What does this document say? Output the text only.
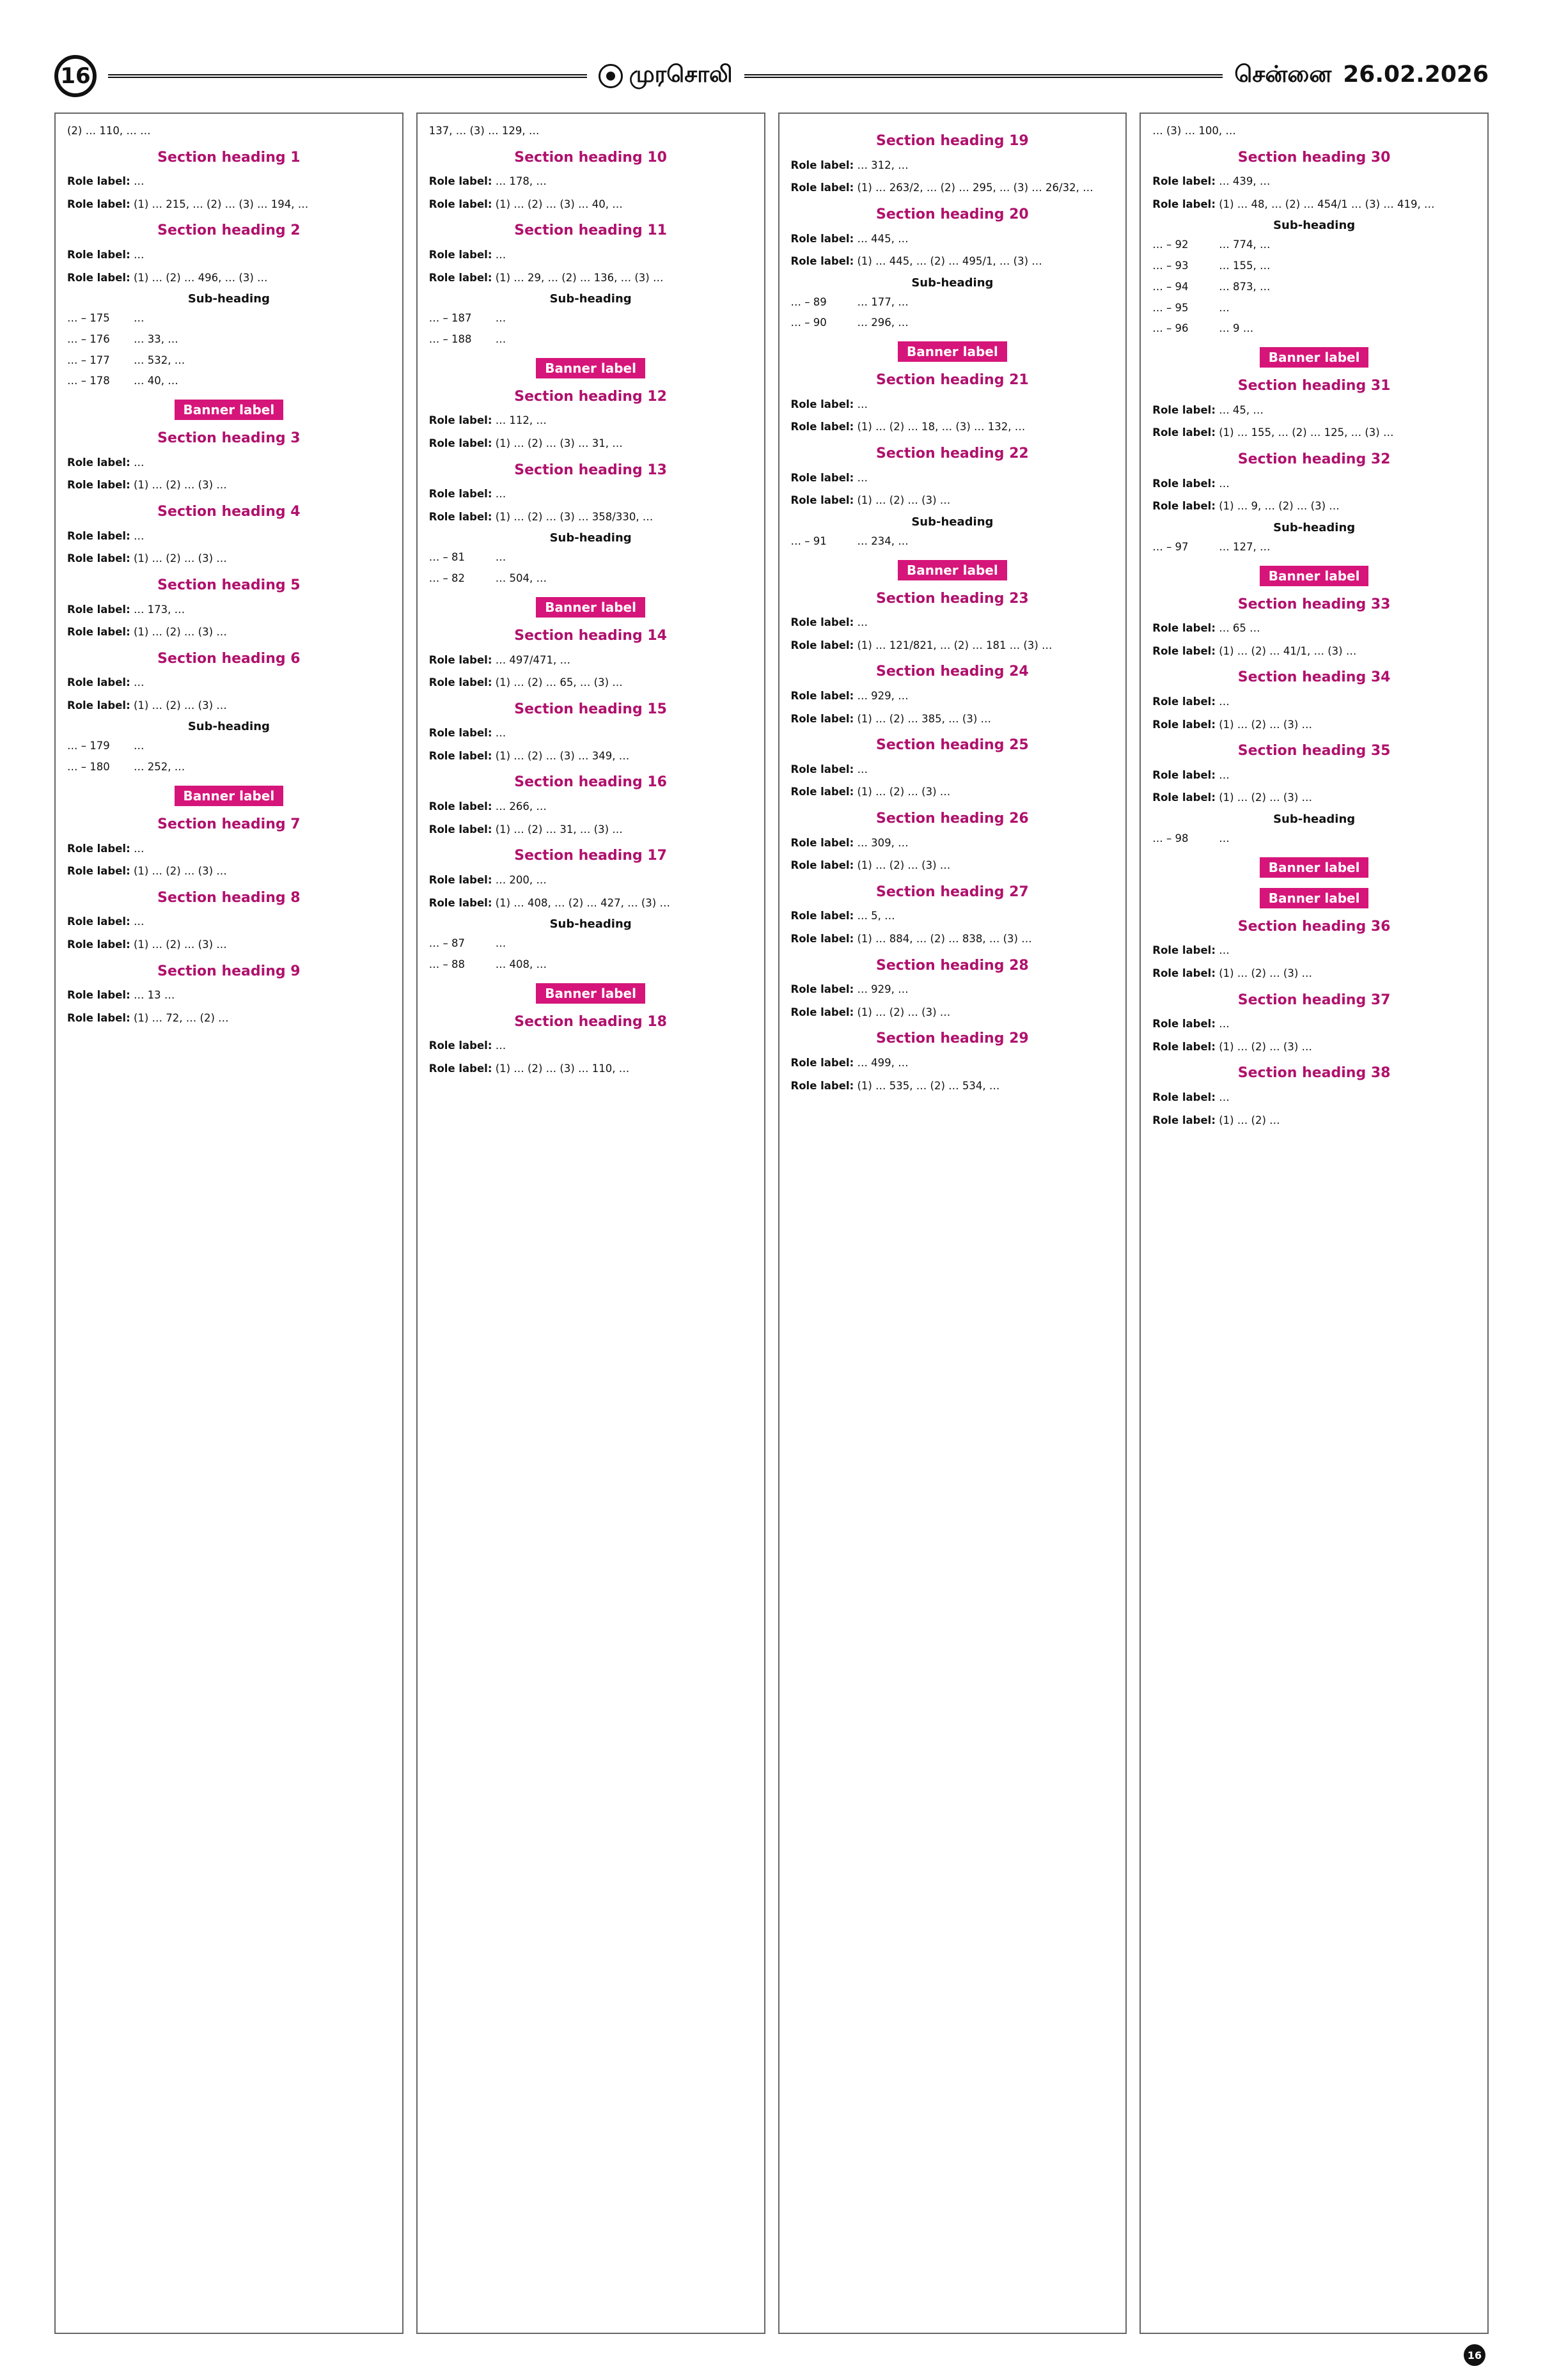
16	முரசொலி	சென்னை 26.02.2026

(2) … 110, … …

Section heading 1

Role label: …

Role label: (1) … 215, … (2) … (3) … 194, …

Section heading 2

Role label: …

Role label: (1) … (2) … 496, … (3) …

Sub-heading
… – 175	…
… – 176	… 33, …
… – 177	… 532, …
… – 178	… 40, …
Banner label
Section heading 3

Role label: …

Role label: (1) … (2) … (3) …

Section heading 4

Role label: …

Role label: (1) … (2) … (3) …

Section heading 5

Role label: … 173, …

Role label: (1) … (2) … (3) …

Section heading 6

Role label: …

Role label: (1) … (2) … (3) …

Sub-heading
… – 179	…
… – 180	… 252, …
Banner label
Section heading 7

Role label: …

Role label: (1) … (2) … (3) …

Section heading 8

Role label: …

Role label: (1) … (2) … (3) …

Section heading 9

Role label: … 13 …

Role label: (1) … 72, … (2) …

137, … (3) … 129, …

Section heading 10

Role label: … 178, …

Role label: (1) … (2) … (3) … 40, …

Section heading 11

Role label: …

Role label: (1) … 29, … (2) … 136, … (3) …

Sub-heading
… – 187	…
… – 188	…
Banner label
Section heading 12

Role label: … 112, …

Role label: (1) … (2) … (3) … 31, …

Section heading 13

Role label: …

Role label: (1) … (2) … (3) … 358/330, …

Sub-heading
… – 81	…
… – 82	… 504, …
Banner label
Section heading 14

Role label: … 497/471, …

Role label: (1) … (2) … 65, … (3) …

Section heading 15

Role label: …

Role label: (1) … (2) … (3) … 349, …

Section heading 16

Role label: … 266, …

Role label: (1) … (2) … 31, … (3) …

Section heading 17

Role label: … 200, …

Role label: (1) … 408, … (2) … 427, … (3) …

Sub-heading
… – 87	…
… – 88	… 408, …
Banner label
Section heading 18

Role label: …

Role label: (1) … (2) … (3) … 110, …

Section heading 19

Role label: … 312, …

Role label: (1) … 263/2, … (2) … 295, … (3) … 26/32, …

Section heading 20

Role label: … 445, …

Role label: (1) … 445, … (2) … 495/1, … (3) …

Sub-heading
… – 89	… 177, …
… – 90	… 296, …
Banner label
Section heading 21

Role label: …

Role label: (1) … (2) … 18, … (3) … 132, …

Section heading 22

Role label: …

Role label: (1) … (2) … (3) …

Sub-heading
… – 91	… 234, …
Banner label
Section heading 23

Role label: …

Role label: (1) … 121/821, … (2) … 181 … (3) …

Section heading 24

Role label: … 929, …

Role label: (1) … (2) … 385, … (3) …

Section heading 25

Role label: …

Role label: (1) … (2) … (3) …

Section heading 26

Role label: … 309, …

Role label: (1) … (2) … (3) …

Section heading 27

Role label: … 5, …

Role label: (1) … 884, … (2) … 838, … (3) …

Section heading 28

Role label: … 929, …

Role label: (1) … (2) … (3) …

Section heading 29

Role label: … 499, …

Role label: (1) … 535, … (2) … 534, …

… (3) … 100, …

Section heading 30

Role label: … 439, …

Role label: (1) … 48, … (2) … 454/1 … (3) … 419, …

Sub-heading
… – 92	… 774, …
… – 93	… 155, …
… – 94	… 873, …
… – 95	…
… – 96	… 9 …
Banner label
Section heading 31

Role label: … 45, …

Role label: (1) … 155, … (2) … 125, … (3) …

Section heading 32

Role label: …

Role label: (1) … 9, … (2) … (3) …

Sub-heading
… – 97	… 127, …
Banner label
Section heading 33

Role label: … 65 …

Role label: (1) … (2) … 41/1, … (3) …

Section heading 34

Role label: …

Role label: (1) … (2) … (3) …

Section heading 35

Role label: …

Role label: (1) … (2) … (3) …

Sub-heading
… – 98	…
Banner label
Banner label
Section heading 36

Role label: …

Role label: (1) … (2) … (3) …

Section heading 37

Role label: …

Role label: (1) … (2) … (3) …

Section heading 38

Role label: …

Role label: (1) … (2) …

16
